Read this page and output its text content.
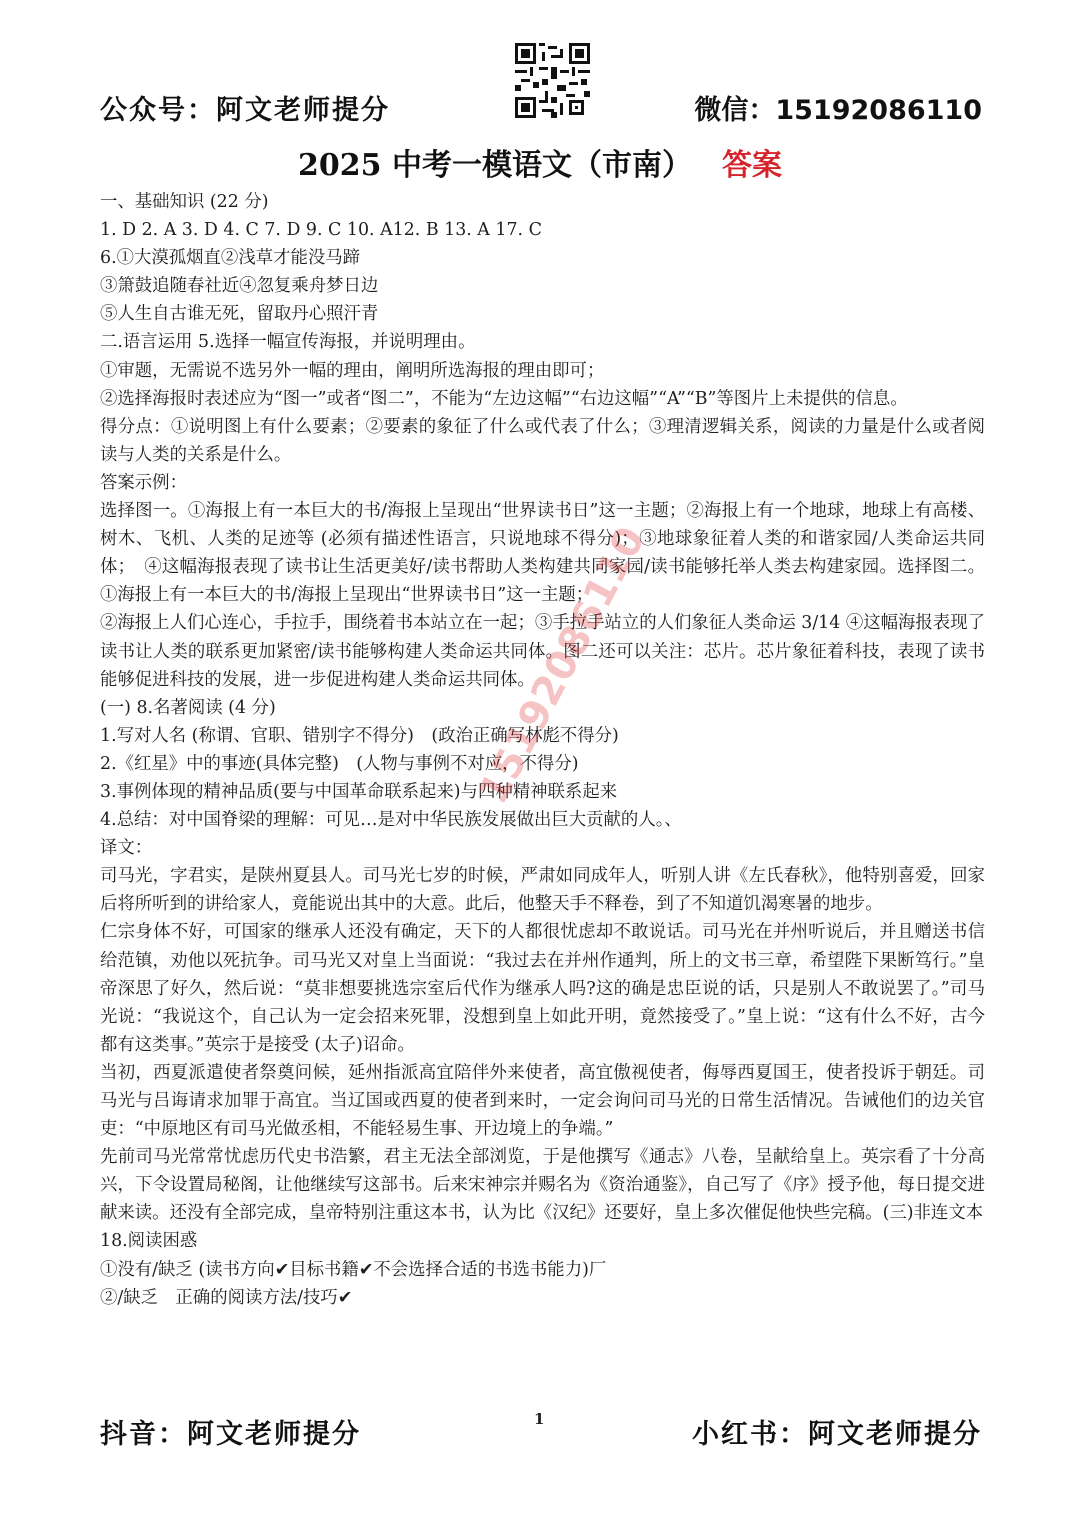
公众号：阿文老师提分	微信：15192086110
2025 中考一模语文（市南） 答案

一、基础知识 (22 分)

1. D 2. A 3. D 4. C 7. D 9. C 10. A12. B 13. A 17. C

6.①大漠孤烟直②浅草才能没马蹄

③箫鼓追随春社近④忽复乘舟梦日边

⑤人生自古谁无死，留取丹心照汗青

二.语言运用 5.选择一幅宣传海报，并说明理由。

①审题，无需说不选另外一幅的理由，阐明所选海报的理由即可；

②选择海报时表述应为“图一”或者“图二”，不能为“左边这幅”“右边这幅”“A”“B”等图片上未提供的信息。

得分点：①说明图上有什么要素；②要素的象征了什么或代表了什么；③理清逻辑关系，阅读的力量是什么或者阅读与人类的关系是什么。

答案示例：

选择图一。①海报上有一本巨大的书/海报上呈现出“世界读书日”这一主题；②海报上有一个地球，地球上有高楼、树木、飞机、人类的足迹等 (必须有描述性语言，只说地球不得分)；③地球象征着人类的和谐家园/人类命运共同体；　④这幅海报表现了读书让生活更美好/读书帮助人类构建共同家园/读书能够托举人类去构建家园。选择图二。①海报上有一本巨大的书/海报上呈现出“世界读书日”这一主题；

②海报上人们心连心，手拉手，围绕着书本站立在一起；③手拉手站立的人们象征人类命运 3/14 ④这幅海报表现了读书让人类的联系更加紧密/读书能够构建人类命运共同体。图二还可以关注：芯片。芯片象征着科技，表现了读书能够促进科技的发展，进一步促进构建人类命运共同体。

(一) 8.名著阅读 (4 分)

1.写对人名 (称谓、官职、错别字不得分)　(政治正确写林彪不得分)

2.《红星》中的事迹(具体完整)　(人物与事例不对应，不得分)

3.事例体现的精神品质(要与中国革命联系起来)与四种精神联系起来

4.总结：对中国脊梁的理解：可见…是对中华民族发展做出巨大贡献的人。、

译文：

司马光，字君实，是陕州夏县人。司马光七岁的时候，严肃如同成年人，听别人讲《左氏春秋》，他特别喜爱，回家后将所听到的讲给家人，竟能说出其中的大意。此后，他整天手不释卷，到了不知道饥渴寒暑的地步。

仁宗身体不好，可国家的继承人还没有确定，天下的人都很忧虑却不敢说话。司马光在并州听说后，并且赠送书信给范镇，劝他以死抗争。司马光又对皇上当面说：“我过去在并州作通判，所上的文书三章，希望陛下果断笃行。”皇帝深思了好久，然后说：“莫非想要挑选宗室后代作为继承人吗?这的确是忠臣说的话，只是别人不敢说罢了。”司马光说：“我说这个，自己认为一定会招来死罪，没想到皇上如此开明，竟然接受了。”皇上说：“这有什么不好，古今都有这类事。”英宗于是接受 (太子)诏命。

当初，西夏派遣使者祭奠问候，延州指派高宜陪伴外来使者，高宜傲视使者，侮辱西夏国王，使者投诉于朝廷。司马光与吕诲请求加罪于高宜。当辽国或西夏的使者到来时，一定会询问司马光的日常生活情况。告诫他们的边关官吏：“中原地区有司马光做丞相，不能轻易生事、开边境上的争端。”

先前司马光常常忧虑历代史书浩繁，君主无法全部浏览，于是他撰写《通志》八卷，呈献给皇上。英宗看了十分高兴，下令设置局秘阁，让他继续写这部书。后来宋神宗并赐名为《资治通鉴》，自己写了《序》授予他，每日提交进献来读。还没有全部完成，皇帝特别注重这本书，认为比《汉纪》还要好，皇上多次催促他快些完稿。(三)非连文本

18.阅读困惑

①没有/缺乏 (读书方向✔目标书籍✔不会选择合适的书选书能力)厂

②/缺乏　正确的阅读方法/技巧✔

15192086110
抖音：阿文老师提分	小红书：阿文老师提分
1
